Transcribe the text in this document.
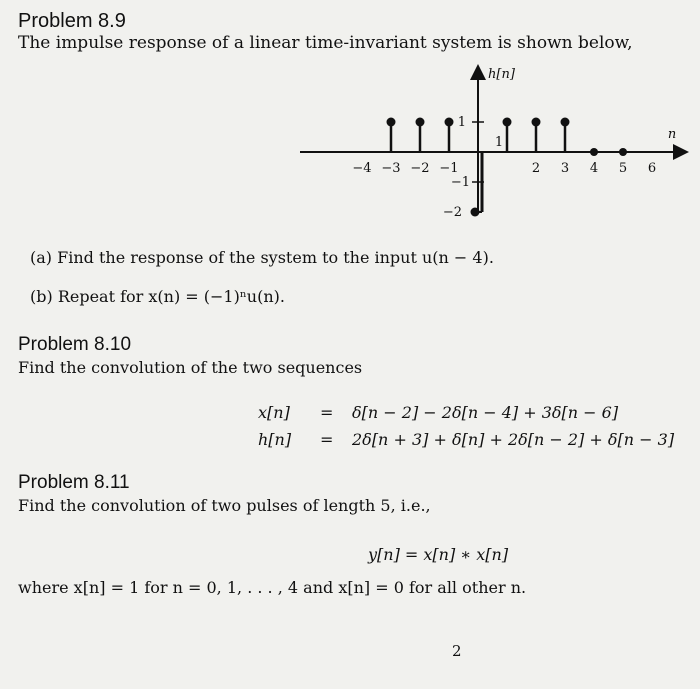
Problem 8.9
The impulse response of a linear time-invariant system is shown below,
−4 −3 −2 −1	2 3 4 5 6
1
−1
−2
1
h[n]
n
(a) Find the response of the system to the input u(n − 4).
(b) Repeat for x(n) = (−1)ⁿu(n).
Problem 8.10
Find the convolution of the two sequences
x[n] = δ[n − 2] − 2δ[n − 4] + 3δ[n − 6]
h[n] = 2δ[n + 3] + δ[n] + 2δ[n − 2] + δ[n − 3]
Problem 8.11
Find the convolution of two pulses of length 5, i.e.,
y[n] = x[n] ∗ x[n]
where x[n] = 1 for n = 0, 1, . . . , 4 and x[n] = 0 for all other n.
2
